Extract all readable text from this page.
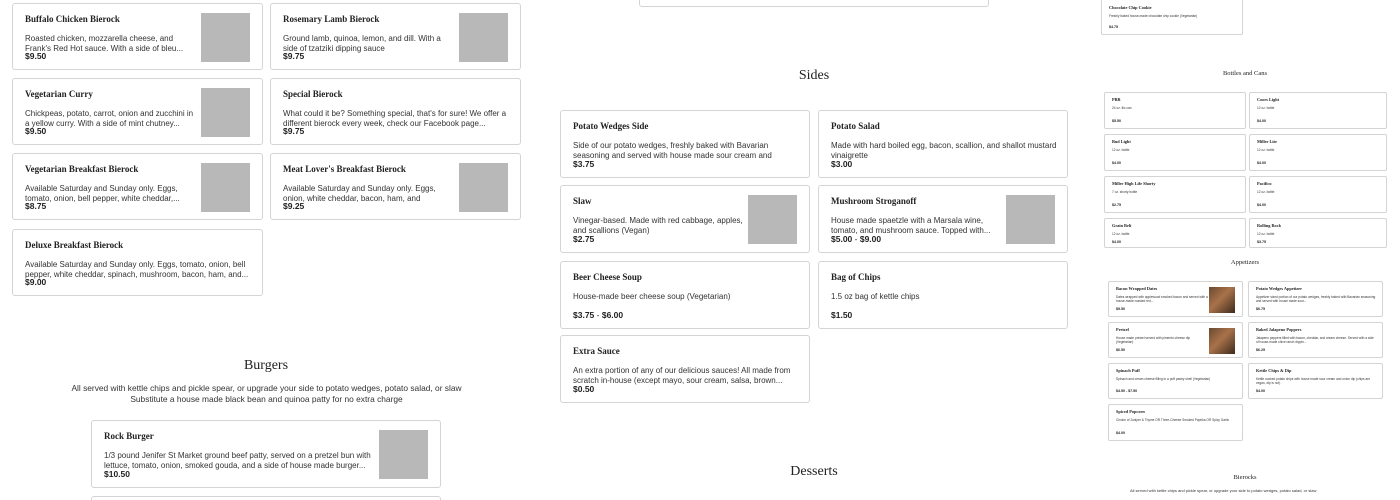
Buffalo Chicken Bierock
Roasted chicken, mozzarella cheese, and Frank's Red Hot sauce. With a side of bleu...
$9.50
Rosemary Lamb Bierock
Ground lamb, quinoa, lemon, and dill. With a side of tzatziki dipping sauce
$9.75
Vegetarian Curry
Chickpeas, potato, carrot, onion and zucchini in a yellow curry. With a side of mint chutney...
$9.50
Special Bierock
What could it be? Something special, that's for sure! We offer a different bierock every week, check our Facebook page...
$9.75
Vegetarian Breakfast Bierock
Available Saturday and Sunday only. Eggs, tomato, onion, bell pepper, white cheddar,...
$8.75
Meat Lover's Breakfast Bierock
Available Saturday and Sunday only. Eggs, onion, white cheddar, bacon, ham, and
$9.25
Deluxe Breakfast Bierock
Available Saturday and Sunday only. Eggs, tomato, onion, bell pepper, white cheddar, spinach, mushroom, bacon, ham, and...
$9.00
Burgers
All served with kettle chips and pickle spear, or upgrade your side to potato wedges, potato salad, or slaw
Substitute a house made black bean and quinoa patty for no extra charge
Rock Burger
1/3 pound Jenifer St Market ground beef patty, served on a pretzel bun with lettuce, tomato, onion, smoked gouda, and a side of house made burger...
$10.50
Sides
Potato Wedges Side
Side of our potato wedges, freshly baked with Bavarian seasoning and served with house made sour cream and
$3.75
Potato Salad
Made with hard boiled egg, bacon, scallion, and shallot mustard vinaigrette
$3.00
Slaw
Vinegar-based. Made with red cabbage, apples, and scallions (Vegan)
$2.75
Mushroom Stroganoff
House made spaetzle with a Marsala wine, tomato, and mushroom sauce. Topped with...
$5.00 - $9.00
Beer Cheese Soup
House-made beer cheese soup (Vegetarian)
$3.75 - $6.00
Bag of Chips
1.5 oz bag of kettle chips
$1.50
Extra Sauce
An extra portion of any of our delicious sauces! All made from scratch in-house (except mayo, sour cream, salsa, brown...
$0.50
Desserts
Chocolate Chip Cookie
Freshly baked house-made chocolate chip cookie (Vegetarian)
$4.75
Bottles and Cans
PBR
24 oz. tllc can
$5.50
Coors Light
12 oz. bottle
$4.00
Bud Light
12 oz. bottle
$4.00
Miller Lite
12 oz. bottle
$4.00
Miller High Life Shorty
7 oz. shorty bottle
$2.75
Pacifico
12 oz. bottle
$4.00
Grain Belt
12 oz. bottle
$4.00
Rolling Rock
12 oz. bottle
$3.75
Appetizers
Bacon Wrapped Dates
Dates wrapped with applewood smoked bacon and served with a house-made roasted red...
$9.50
Potato Wedges Appetizer
Appetizer sized portion of our potato wedges, freshly baked with Bavarian seasoning and served with house made sour...
$6.75
Pretzel
House made pretzel served with pimento cheese dip (Vegetarian)
$6.50
Baked Jalapeno Poppers
Jalapeno peppers filled with bacon, cheddar, and cream cheese. Served with a side of house-made chive ranch dippin...
$6.25
Spinach Puff
Spinach and cream cheese filling in a puff pastry shell (Vegetarian)
$4.50 - $7.50
Kettle Chips & Dip
Kettle cooked potato chips with house made sour cream and onion dip (chips are vegan, dip is not)
$4.00
Spiced Popcorn
Choice of Juniper & Thyme OR Three-Cheese Smoked Paprika OR Spicy Garlic
$4.00
Bierocks
All served with kettle chips and pickle spear, or upgrade your side to potato wedges, potato salad, or slaw
